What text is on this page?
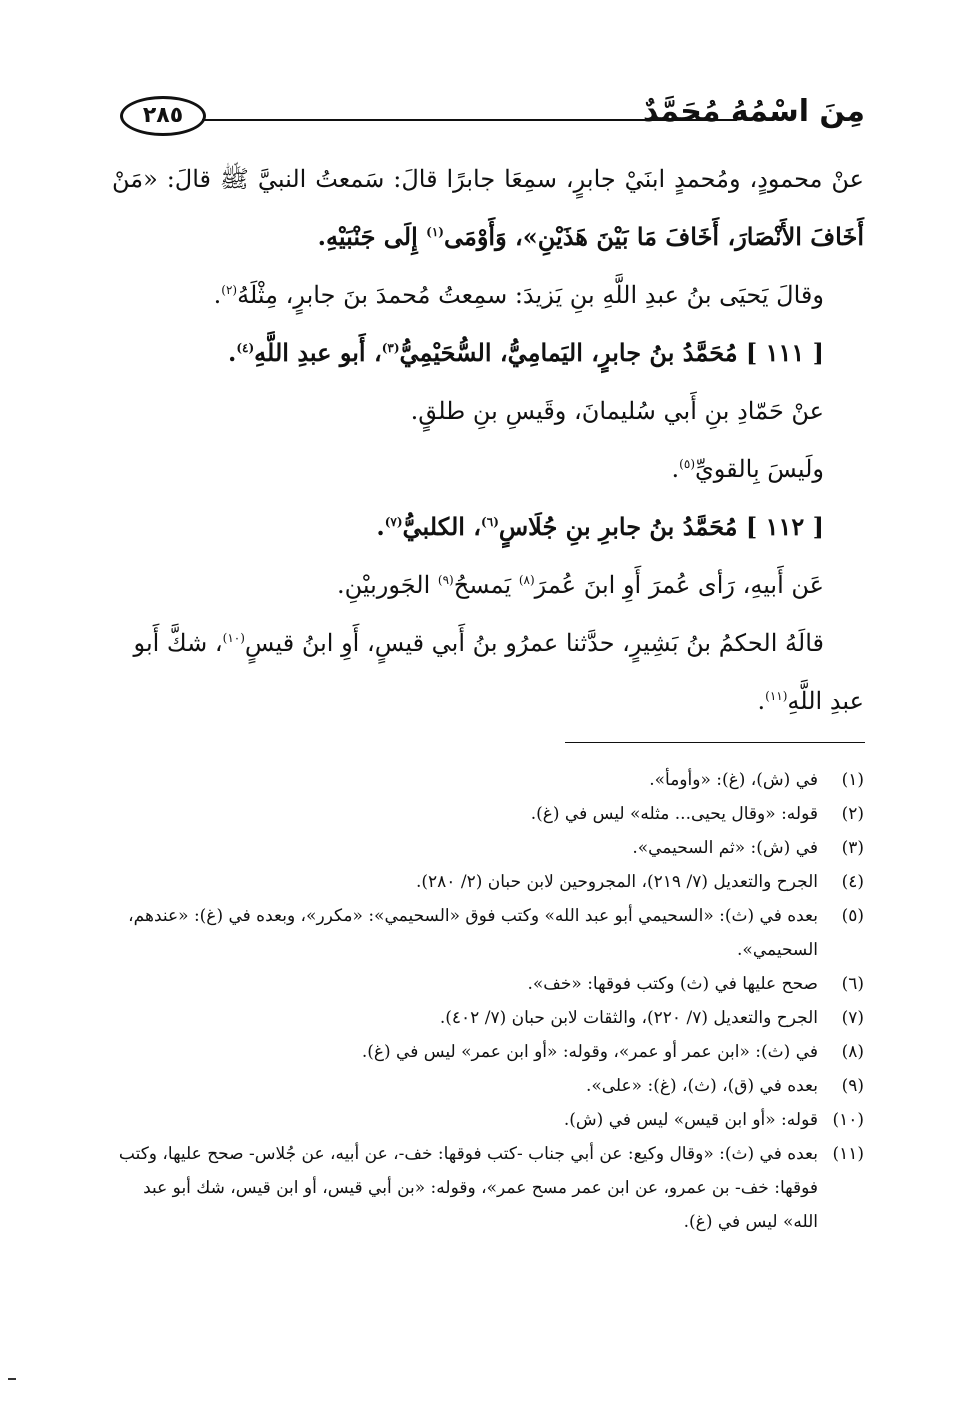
مِنَ اسْمُهُ مُحَمَّدٌ
٢٨٥
عنْ محمودٍ، ومُحمدٍ ابنَيْ جابرٍ، سمِعَا جابرًا قالَ: سَمعتُ النبيَّ ﷺ قالَ: «مَنْ
أَخَافَ الأَنْصَارَ، أَخَافَ مَا بَيْنَ هَذَيْنِ»، وَأَوْمَى$^{(١)}$ إِلَى جَنْبَيْهِ.
وقالَ يَحيَى بنُ عبدِ اللَّهِ بنِ يَزيدَ: سمِعتُ مُحمدَ بنَ جابرٍ، مِثْلَهُ$^{(٢)}$.
[ ١١١ ] مُحَمَّدُ بنُ جابرٍ، اليَمامِيُّ، السُّحَيْمِيُّ$^{(٣)}$، أَبو عبدِ اللَّهِ$^{(٤)}$.
عنْ حَمّادِ بنِ أَبي سُليمانَ، وقَيسِ بنِ طلقٍ.
ولَيسَ بِالقويِّ$^{(٥)}$.
[ ١١٢ ] مُحَمَّدُ بنُ جابرِ بنِ جُلَاسٍ$^{(٦)}$، الكلبيُّ$^{(٧)}$.
عَن أَبيهِ، رَأى عُمرَ أَوِ ابنَ عُمرَ$^{(٨)}$ يَمسحُ$^{(٩)}$ الجَوربيْنِ.
قالَهُ الحكمُ بنُ بَشِيرٍ، حدَّثنا عمرُو بنُ أَبي قيسٍ، أَوِ ابنُ قيسٍ$^{(١٠)}$، شكَّ أَبو
عبدِ اللَّهِ$^{(١١)}$.
(١)
في (ش)، (غ): «وأومأ».
(٢)
قوله: «وقال يحيى... مثله» ليس في (غ).
(٣)
في (ش): «ثم السحيمي».
(٤)
الجرح والتعديل (٧/ ٢١٩)، المجروحين لابن حبان (٢/ ٢٨٠).
(٥)
بعده في (ث): «السحيمي أبو عبد الله» وكتب فوق «السحيمي»: «مكرر»، وبعده في (غ): «عندهم، السحيمي».
(٦)
صحح عليها في (ث) وكتب فوقها: «خف».
(٧)
الجرح والتعديل (٧/ ٢٢٠)، والثقات لابن حبان (٧/ ٤٠٢).
(٨)
في (ث): «ابن عمر أو عمر»، وقوله: «أو ابن عمر» ليس في (غ).
(٩)
بعده في (ق)، (ث)، (غ): «على».
(١٠)
قوله: «أو ابن قيس» ليس في (ش).
(١١)
بعده في (ث): «وقال وكيع: عن أبي جناب -كتب فوقها: خف-، عن أبيه، عن جُلاس- صحح عليها، وكتب فوقها: خف- بن عمرو، عن ابن عمر مسح عمر»، وقوله: «بن أبي قيس، أو ابن قيس، شك أبو عبد الله» ليس في (غ).
